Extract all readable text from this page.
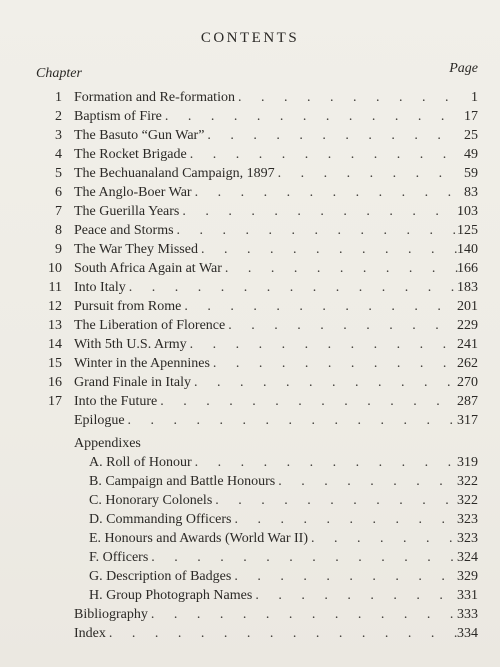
CONTENTS
Chapter	Page
1 Formation and Re-formation . . .	1
2 Baptism of Fire . . .	17
3 The Basuto “Gun War” . . .	25
4 The Rocket Brigade . . .	49
5 The Bechuanaland Campaign, 1897 . . .	59
6 The Anglo-Boer War . . .	83
7 The Guerilla Years . . .	103
8 Peace and Storms . . .	125
9 The War They Missed . . .	140
10 South Africa Again at War . . .	166
11 Into Italy . . .	183
12 Pursuit from Rome . . .	201
13 The Liberation of Florence . . .	229
14 With 5th U.S. Army . . .	241
15 Winter in the Apennines . . .	262
16 Grand Finale in Italy . . .	270
17 Into the Future . . .	287
Epilogue . . .	317
Appendixes
A. Roll of Honour . . .	319
B. Campaign and Battle Honours . . .	322
C. Honorary Colonels . . .	322
D. Commanding Officers . . .	323
E. Honours and Awards (World War II) . . .	323
F. Officers . . .	324
G. Description of Badges . . .	329
H. Group Photograph Names . . .	331
Bibliography . . .	333
Index . . .	334
